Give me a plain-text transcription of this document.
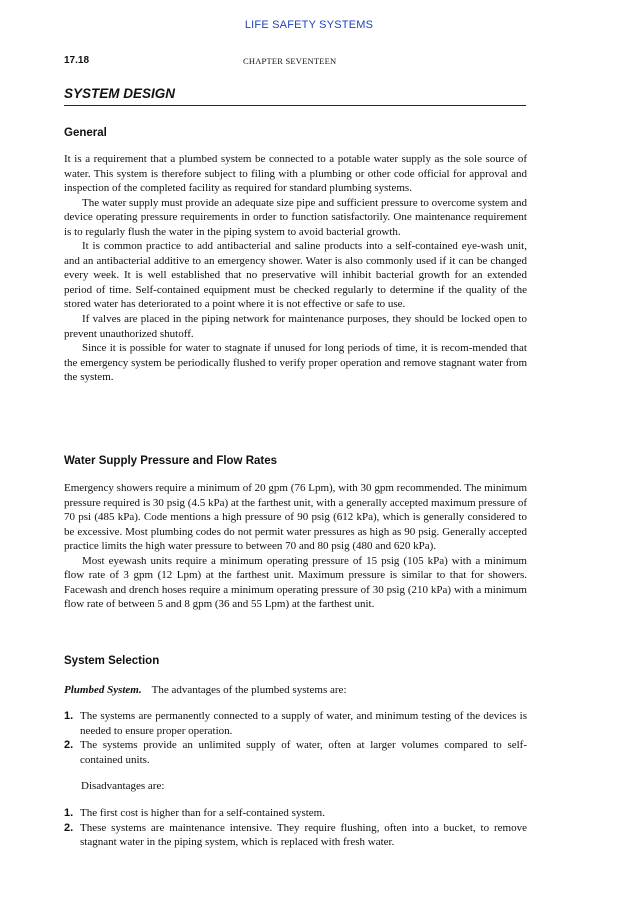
LIFE SAFETY SYSTEMS
17.18	CHAPTER SEVENTEEN
SYSTEM DESIGN
General

It is a requirement that a plumbed system be connected to a potable water supply as the sole source of water. This system is therefore subject to filing with a plumbing or other code official for approval and inspection of the completed facility as required for standard plumbing systems.

The water supply must provide an adequate size pipe and sufficient pressure to overcome system and device operating pressure requirements in order to function satisfactorily. One maintenance requirement is to regularly flush the water in the piping system to avoid bacterial growth.

It is common practice to add antibacterial and saline products into a self-contained eye-wash unit, and an antibacterial additive to an emergency shower. Water is also commonly used if it can be changed every week. It is well established that no preservative will inhibit bacterial growth for an extended period of time. Self-contained equipment must be checked regularly to determine if the quality of the stored water has deteriorated to a point where it is not effective or safe to use.

If valves are placed in the piping network for maintenance purposes, they should be locked open to prevent unauthorized shutoff.

Since it is possible for water to stagnate if unused for long periods of time, it is recom-mended that the emergency system be periodically flushed to verify proper operation and remove stagnant water from the system.

Water Supply Pressure and Flow Rates

Emergency showers require a minimum of 20 gpm (76 Lpm), with 30 gpm recommended. The minimum pressure required is 30 psig (4.5 kPa) at the farthest unit, with a generally accepted maximum pressure of 70 psi (485 kPa). Code mentions a high pressure of 90 psig (612 kPa), which is generally considered to be excessive. Most plumbing codes do not permit water pressures as high as 90 psig. Generally accepted practice limits the high water pressure to between 70 and 80 psig (480 and 620 kPa).

Most eyewash units require a minimum operating pressure of 15 psig (105 kPa) with a minimum flow rate of 3 gpm (12 Lpm) at the farthest unit. Maximum pressure is similar to that for showers. Facewash and drench hoses require a minimum operating pressure of 30 psig (210 kPa) with a minimum flow rate of between 5 and 8 gpm (36 and 55 Lpm) at the farthest unit.

System Selection
Plumbed System. The advantages of the plumbed systems are:
1. The systems are permanently connected to a supply of water, and minimum testing of the devices is needed to ensure proper operation.
2. The systems provide an unlimited supply of water, often at larger volumes compared to self-contained units.
Disadvantages are:
1. The first cost is higher than for a self-contained system.
2. These systems are maintenance intensive. They require flushing, often into a bucket, to remove stagnant water in the piping system, which is replaced with fresh water.
